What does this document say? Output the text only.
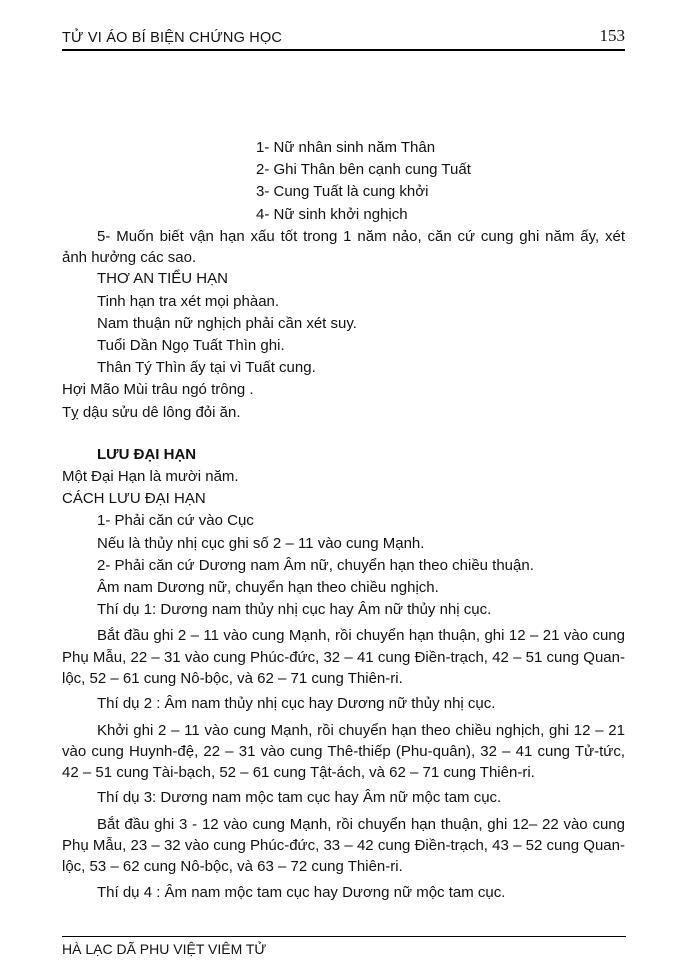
TỬ VI ÁO BÍ BIỆN CHỨNG HỌC	153
1- Nữ nhân sinh năm Thân
2- Ghi Thân bên cạnh cung Tuất
3- Cung Tuất là cung khởi
4- Nữ sinh khởi nghịch
5- Muốn biết vận hạn xấu tốt trong 1 năm nảo, căn cứ cung ghi năm ấy, xét ảnh hưởng các sao.
THƠ AN TIỂU HẠN
Tinh hạn tra xét mọi phàan.
Nam thuận nữ nghịch phải cần xét suy.
Tuổi Dần Ngọ Tuất Thìn ghi.
Thân Tý Thìn ấy tại vì Tuất cung.
Hợi Mão Mùi trâu ngó trông .
Tỵ dậu sửu dê lông đỏi ăn.
LƯU ĐẠI HẠN
Một Đại Hạn là mười năm.
CÁCH LƯU ĐẠI HẠN
1- Phải căn cứ vào Cục
Nếu là thủy nhị cục ghi số 2 – 11 vào cung Mạnh.
2- Phải căn cứ Dương nam Âm nữ, chuyển hạn theo chiều thuận.
Âm nam Dương nữ, chuyển hạn theo chiều nghịch.
Thí dụ 1: Dương nam thủy nhị cục hay Âm nữ thủy nhị cục.
Bắt đầu ghi 2 – 11 vào cung Mạnh, rồi chuyển hạn thuận, ghi 12 – 21 vào cung Phụ Mẫu, 22 – 31 vào cung Phúc-đức, 32 – 41 cung Điền-trạch, 42 – 51 cung Quan-lộc, 52 – 61 cung Nô-bộc, và 62 – 71 cung Thiên-ri.
Thí dụ 2 : Âm nam thủy nhị cục hay Dương nữ thủy nhị cục.
Khởi ghi 2 – 11 vào cung Mạnh, rồi chuyển hạn theo chiều nghịch, ghi 12 – 21 vào cung Huynh-đệ, 22 – 31 vào cung Thê-thiếp (Phu-quân), 32 – 41 cung Tử-tức, 42 – 51 cung Tài-bạch, 52 – 61 cung Tật-ách, và 62 – 71 cung Thiên-ri.
Thí dụ 3: Dương nam mộc tam cục hay Âm nữ mộc tam cục.
Bắt đầu ghi 3 - 12 vào cung Mạnh, rồi chuyển hạn thuận, ghi 12– 22 vào cung Phụ Mẫu, 23 – 32 vào cung Phúc-đức, 33 – 42 cung Điền-trạch, 43 – 52 cung Quan-lộc, 53 – 62 cung Nô-bộc, và 63 – 72 cung Thiên-ri.
Thí dụ 4 : Âm nam mộc tam cục hay Dương nữ mộc tam cục.
HÀ LẠC DÃ PHU VIỆT VIÊM TỬ
